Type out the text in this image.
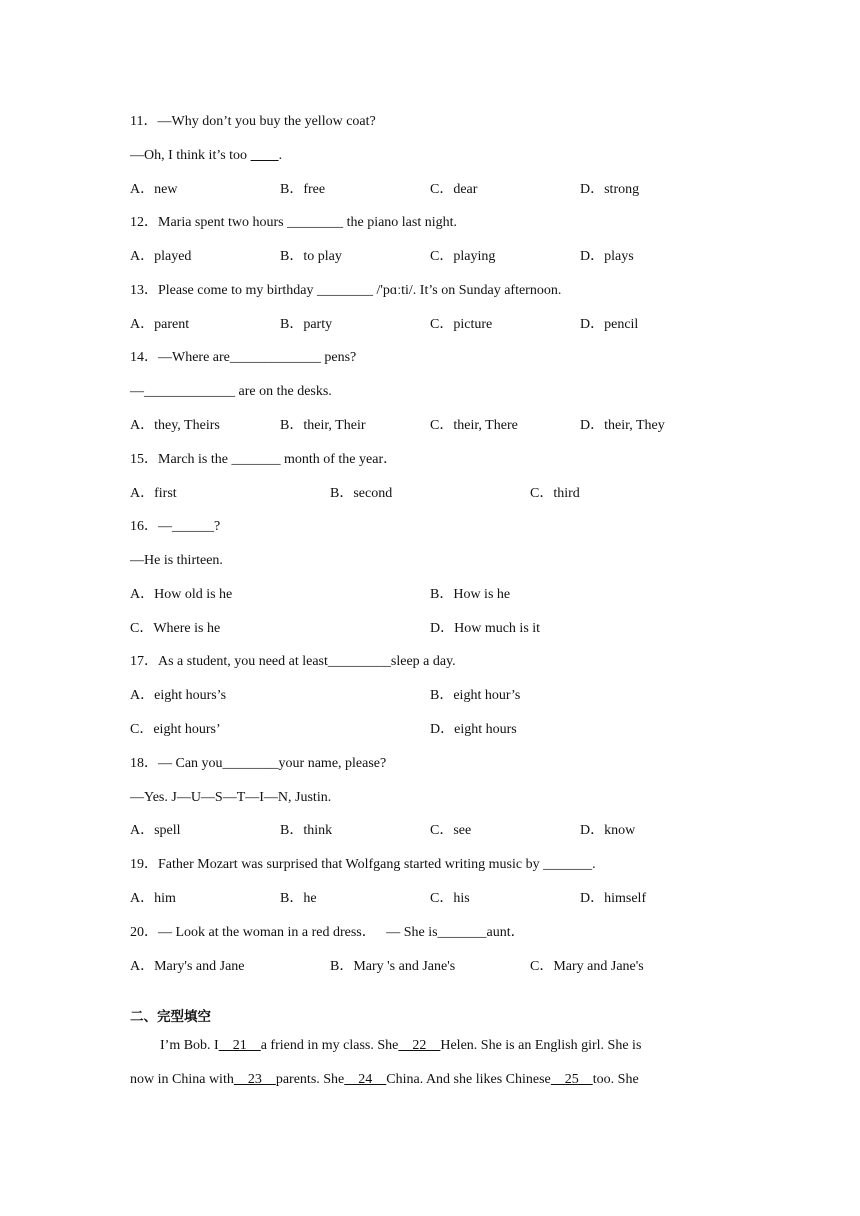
11．—Why don’t you buy the yellow coat?
—Oh, I think it’s too         .
A．new	B．free	C．dear	D．strong
12．Maria spent two hours ________ the piano last night.
A．played	B．to play	C．playing	D．plays
13．Please come to my birthday ________ /'pɑːti/. It’s on Sunday afternoon.
A．parent	B．party	C．picture	D．pencil
14．—Where are_____________ pens?
—_____________ are on the desks.
A．they, Theirs	B．their, Their	C．their, There	D．their, They
15．March is the _______ month of the year．
A．first	B．second	C．third
16．—______?
—He is thirteen.
A．How old is he	B．How is he
C．Where is he	D．How much is it
17．As a student, you need at least_________sleep a day.
A．eight hours’s	B．eight hour’s
C．eight hours’	D．eight hours
18．— Can you________your name, please?
—Yes. J—U—S—T—I—N, Justin.
A．spell	B．think	C．see	D．know
19．Father Mozart was surprised that Wolfgang started writing music by _______.
A．him	B．he	C．his	D．himself
20．— Look at the woman in a red dress．   — She is_______aunt．
A．Mary's and Jane	B．Mary 's and Jane's	C．Mary and Jane's
二、完型填空
I’m Bob. I    21    a friend in my class. She    22    Helen. She is an English girl. She is
now in China with    23    parents. She    24    China. And she likes Chinese    25    too. She
